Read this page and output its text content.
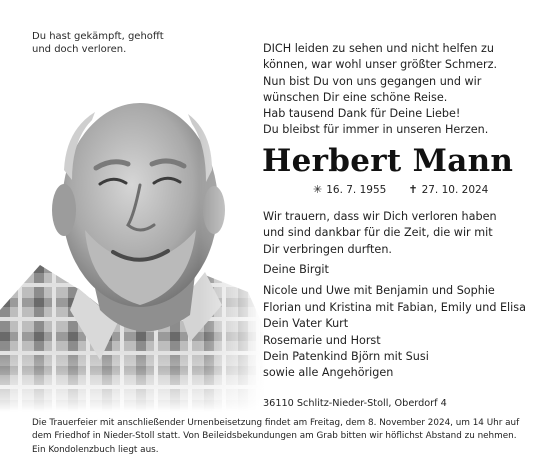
Du hast gekämpft, gehofft
und doch verloren.	DICH leiden zu sehen und nicht helfen zu
können, war wohl unser größter Schmerz.
Nun bist Du von uns gegangen und wir
wünschen Dir eine schöne Reise.
Hab tausend Dank für Deine Liebe!
Du bleibst für immer in unseren Herzen.
Herbert Mann
✳ 16. 7. 1955 ✝ 27. 10. 2024
Wir trauern, dass wir Dich verloren haben
und sind dankbar für die Zeit, die wir mit
Dir verbringen durften.
Deine Birgit
Nicole und Uwe mit Benjamin und Sophie
Florian und Kristina mit Fabian, Emily und Elisa
Dein Vater Kurt
Rosemarie und Horst
Dein Patenkind Björn mit Susi
sowie alle Angehörigen
36110 Schlitz-Nieder-Stoll, Oberdorf 4
Die Trauerfeier mit anschließender Urnenbeisetzung findet am Freitag, dem 8. November 2024, um 14 Uhr auf
dem Friedhof in Nieder-Stoll statt. Von Beileidsbekundungen am Grab bitten wir höflichst Abstand zu nehmen.
Ein Kondolenzbuch liegt aus.
